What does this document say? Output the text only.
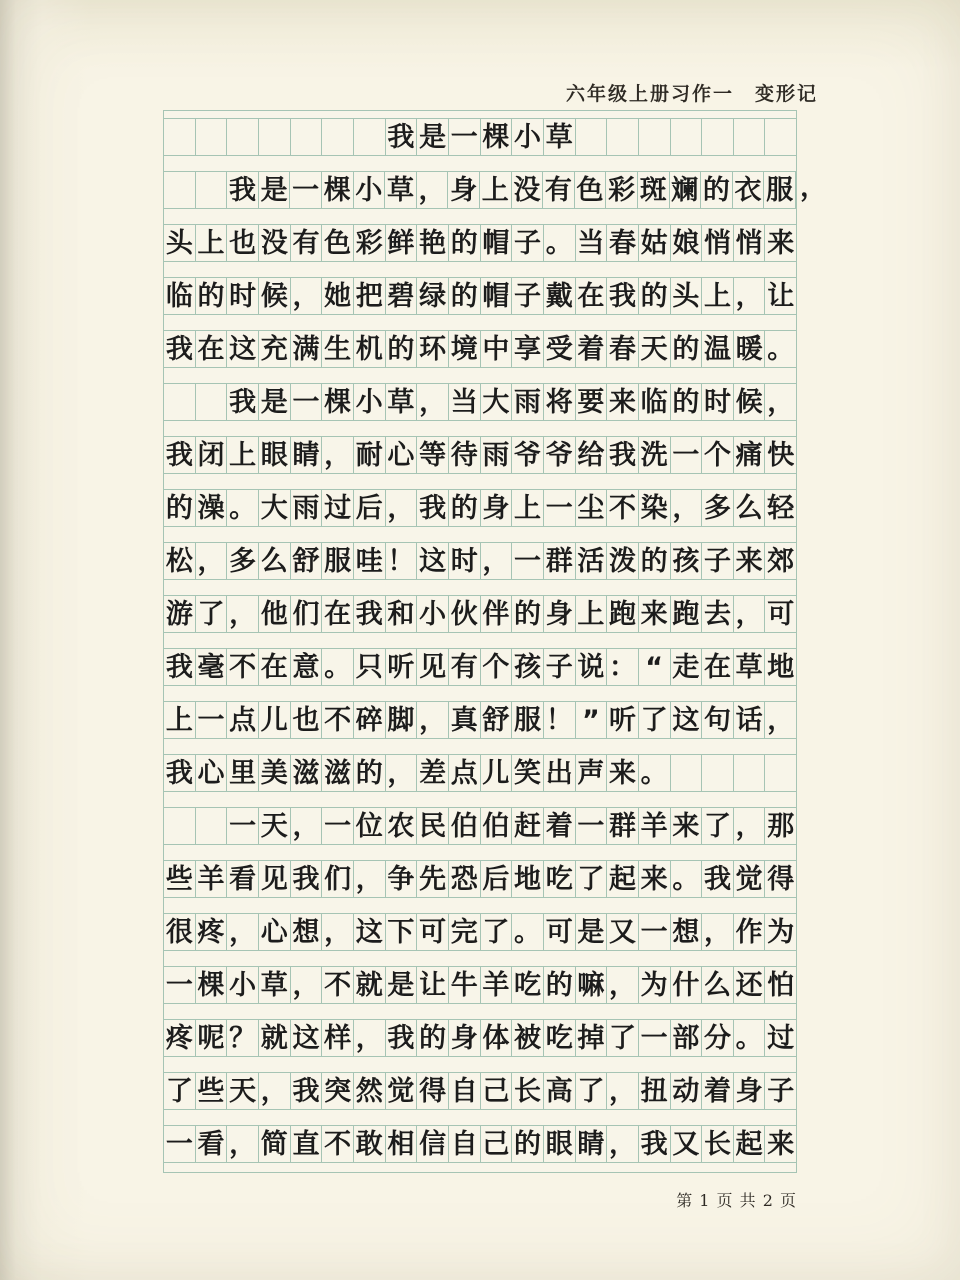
六年级上册习作一　变形记
我 是 一 棵 小 草
我 是 一 棵 小 草 ， 身 上 没 有 色 彩 斑 斓 的 衣 服 ，
头 上 也 没 有 色 彩 鲜 艳 的 帽 子 。 当 春 姑 娘 悄 悄 来
临 的 时 候 ， 她 把 碧 绿 的 帽 子 戴 在 我 的 头 上 ， 让
我 在 这 充 满 生 机 的 环 境 中 享 受 着 春 天 的 温 暖 。
我 是 一 棵 小 草 ， 当 大 雨 将 要 来 临 的 时 候 ，
我 闭 上 眼 睛 ， 耐 心 等 待 雨 爷 爷 给 我 洗 一 个 痛 快
的 澡 。 大 雨 过 后 ， 我 的 身 上 一 尘 不 染 ， 多 么 轻
松 ， 多 么 舒 服 哇 ！ 这 时 ， 一 群 活 泼 的 孩 子 来 郊
游 了 ， 他 们 在 我 和 小 伙 伴 的 身 上 跑 来 跑 去 ， 可
我 毫 不 在 意 。 只 听 见 有 个 孩 子 说 ： “ 走 在 草 地
上 一 点 儿 也 不 碎 脚 ， 真 舒 服 ！ ” 听 了 这 句 话 ，
我 心 里 美 滋 滋 的 ， 差 点 儿 笑 出 声 来 。
一 天 ， 一 位 农 民 伯 伯 赶 着 一 群 羊 来 了 ， 那
些 羊 看 见 我 们 ， 争 先 恐 后 地 吃 了 起 来 。 我 觉 得
很 疼 ， 心 想 ， 这 下 可 完 了 。 可 是 又 一 想 ， 作 为
一 棵 小 草 ， 不 就 是 让 牛 羊 吃 的 嘛 ， 为 什 么 还 怕
疼 呢 ？ 就 这 样 ， 我 的 身 体 被 吃 掉 了 一 部 分 。 过
了 些 天 ， 我 突 然 觉 得 自 己 长 高 了 ， 扭 动 着 身 子
一 看 ， 简 直 不 敢 相 信 自 己 的 眼 睛 ， 我 又 长 起 来
第 1 页 共 2 页
